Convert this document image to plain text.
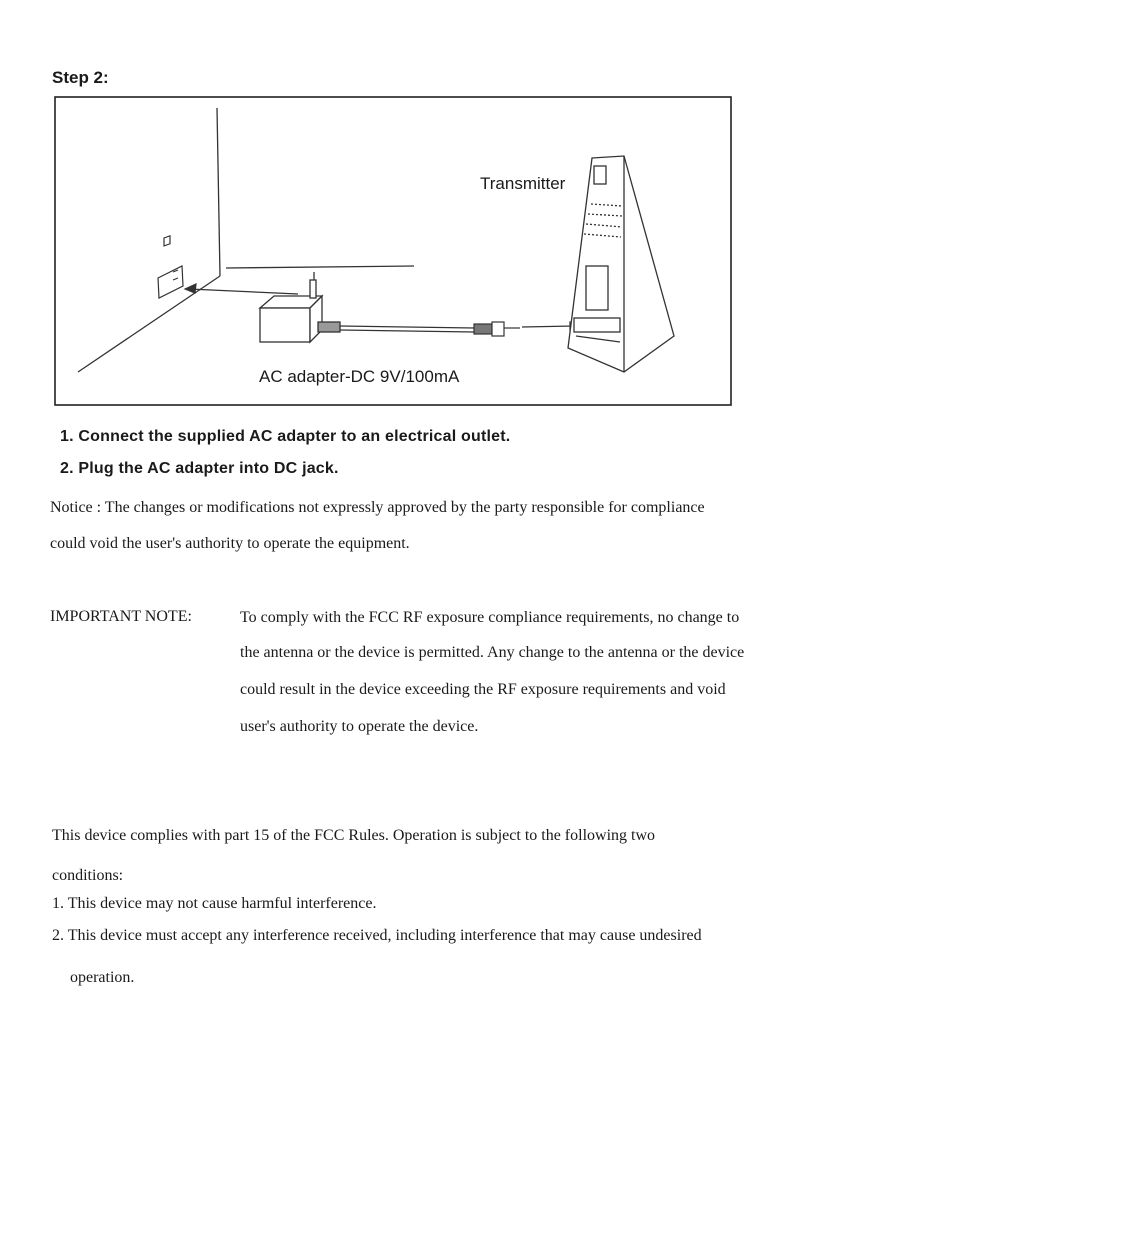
Step 2:
Transmitter
AC adapter-DC 9V/100mA
1. Connect the supplied AC adapter to an electrical outlet.
2. Plug the AC adapter into DC jack.
Notice : The changes or modifications not expressly approved by the party responsible for compliance
could void the user's authority to operate the equipment.
IMPORTANT NOTE:	To comply with the FCC RF exposure compliance requirements, no change to
the antenna or the device is permitted. Any change to the antenna or the device
could result in the device exceeding the RF exposure requirements and void
user's authority to operate the device.
This device complies with part 15 of the FCC Rules. Operation is subject to the following two
conditions:
1. This device may not cause harmful interference.
2. This device must accept any interference received, including interference that may cause undesired
operation.
